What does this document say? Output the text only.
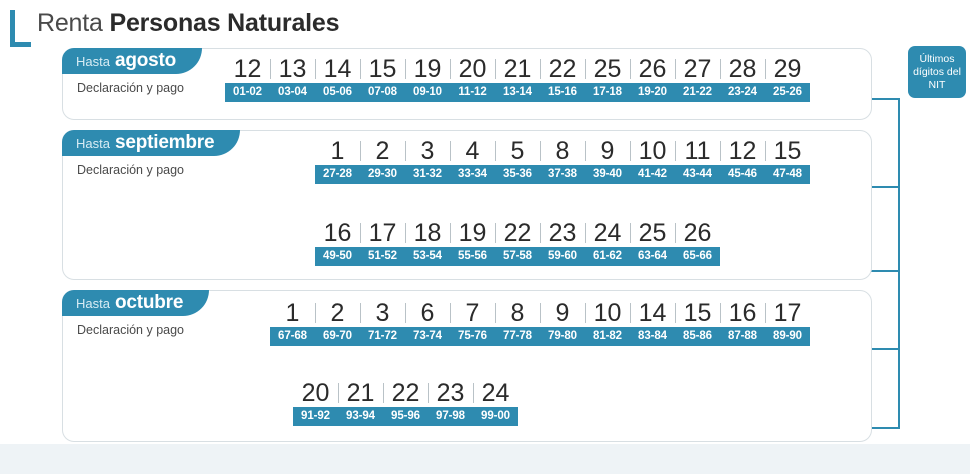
Renta Personas Naturales
Últimos dígitos del NIT
Hasta agosto
Declaración y pago
12
01-02
13
03-04
14
05-06
15
07-08
19
09-10
20
11-12
21
13-14
22
15-16
25
17-18
26
19-20
27
21-22
28
23-24
29
25-26
Hasta septiembre
Declaración y pago
1
27-28
2
29-30
3
31-32
4
33-34
5
35-36
8
37-38
9
39-40
10
41-42
11
43-44
12
45-46
15
47-48
16
49-50
17
51-52
18
53-54
19
55-56
22
57-58
23
59-60
24
61-62
25
63-64
26
65-66
Hasta octubre
Declaración y pago
1
67-68
2
69-70
3
71-72
6
73-74
7
75-76
8
77-78
9
79-80
10
81-82
14
83-84
15
85-86
16
87-88
17
89-90
20
91-92
21
93-94
22
95-96
23
97-98
24
99-00
